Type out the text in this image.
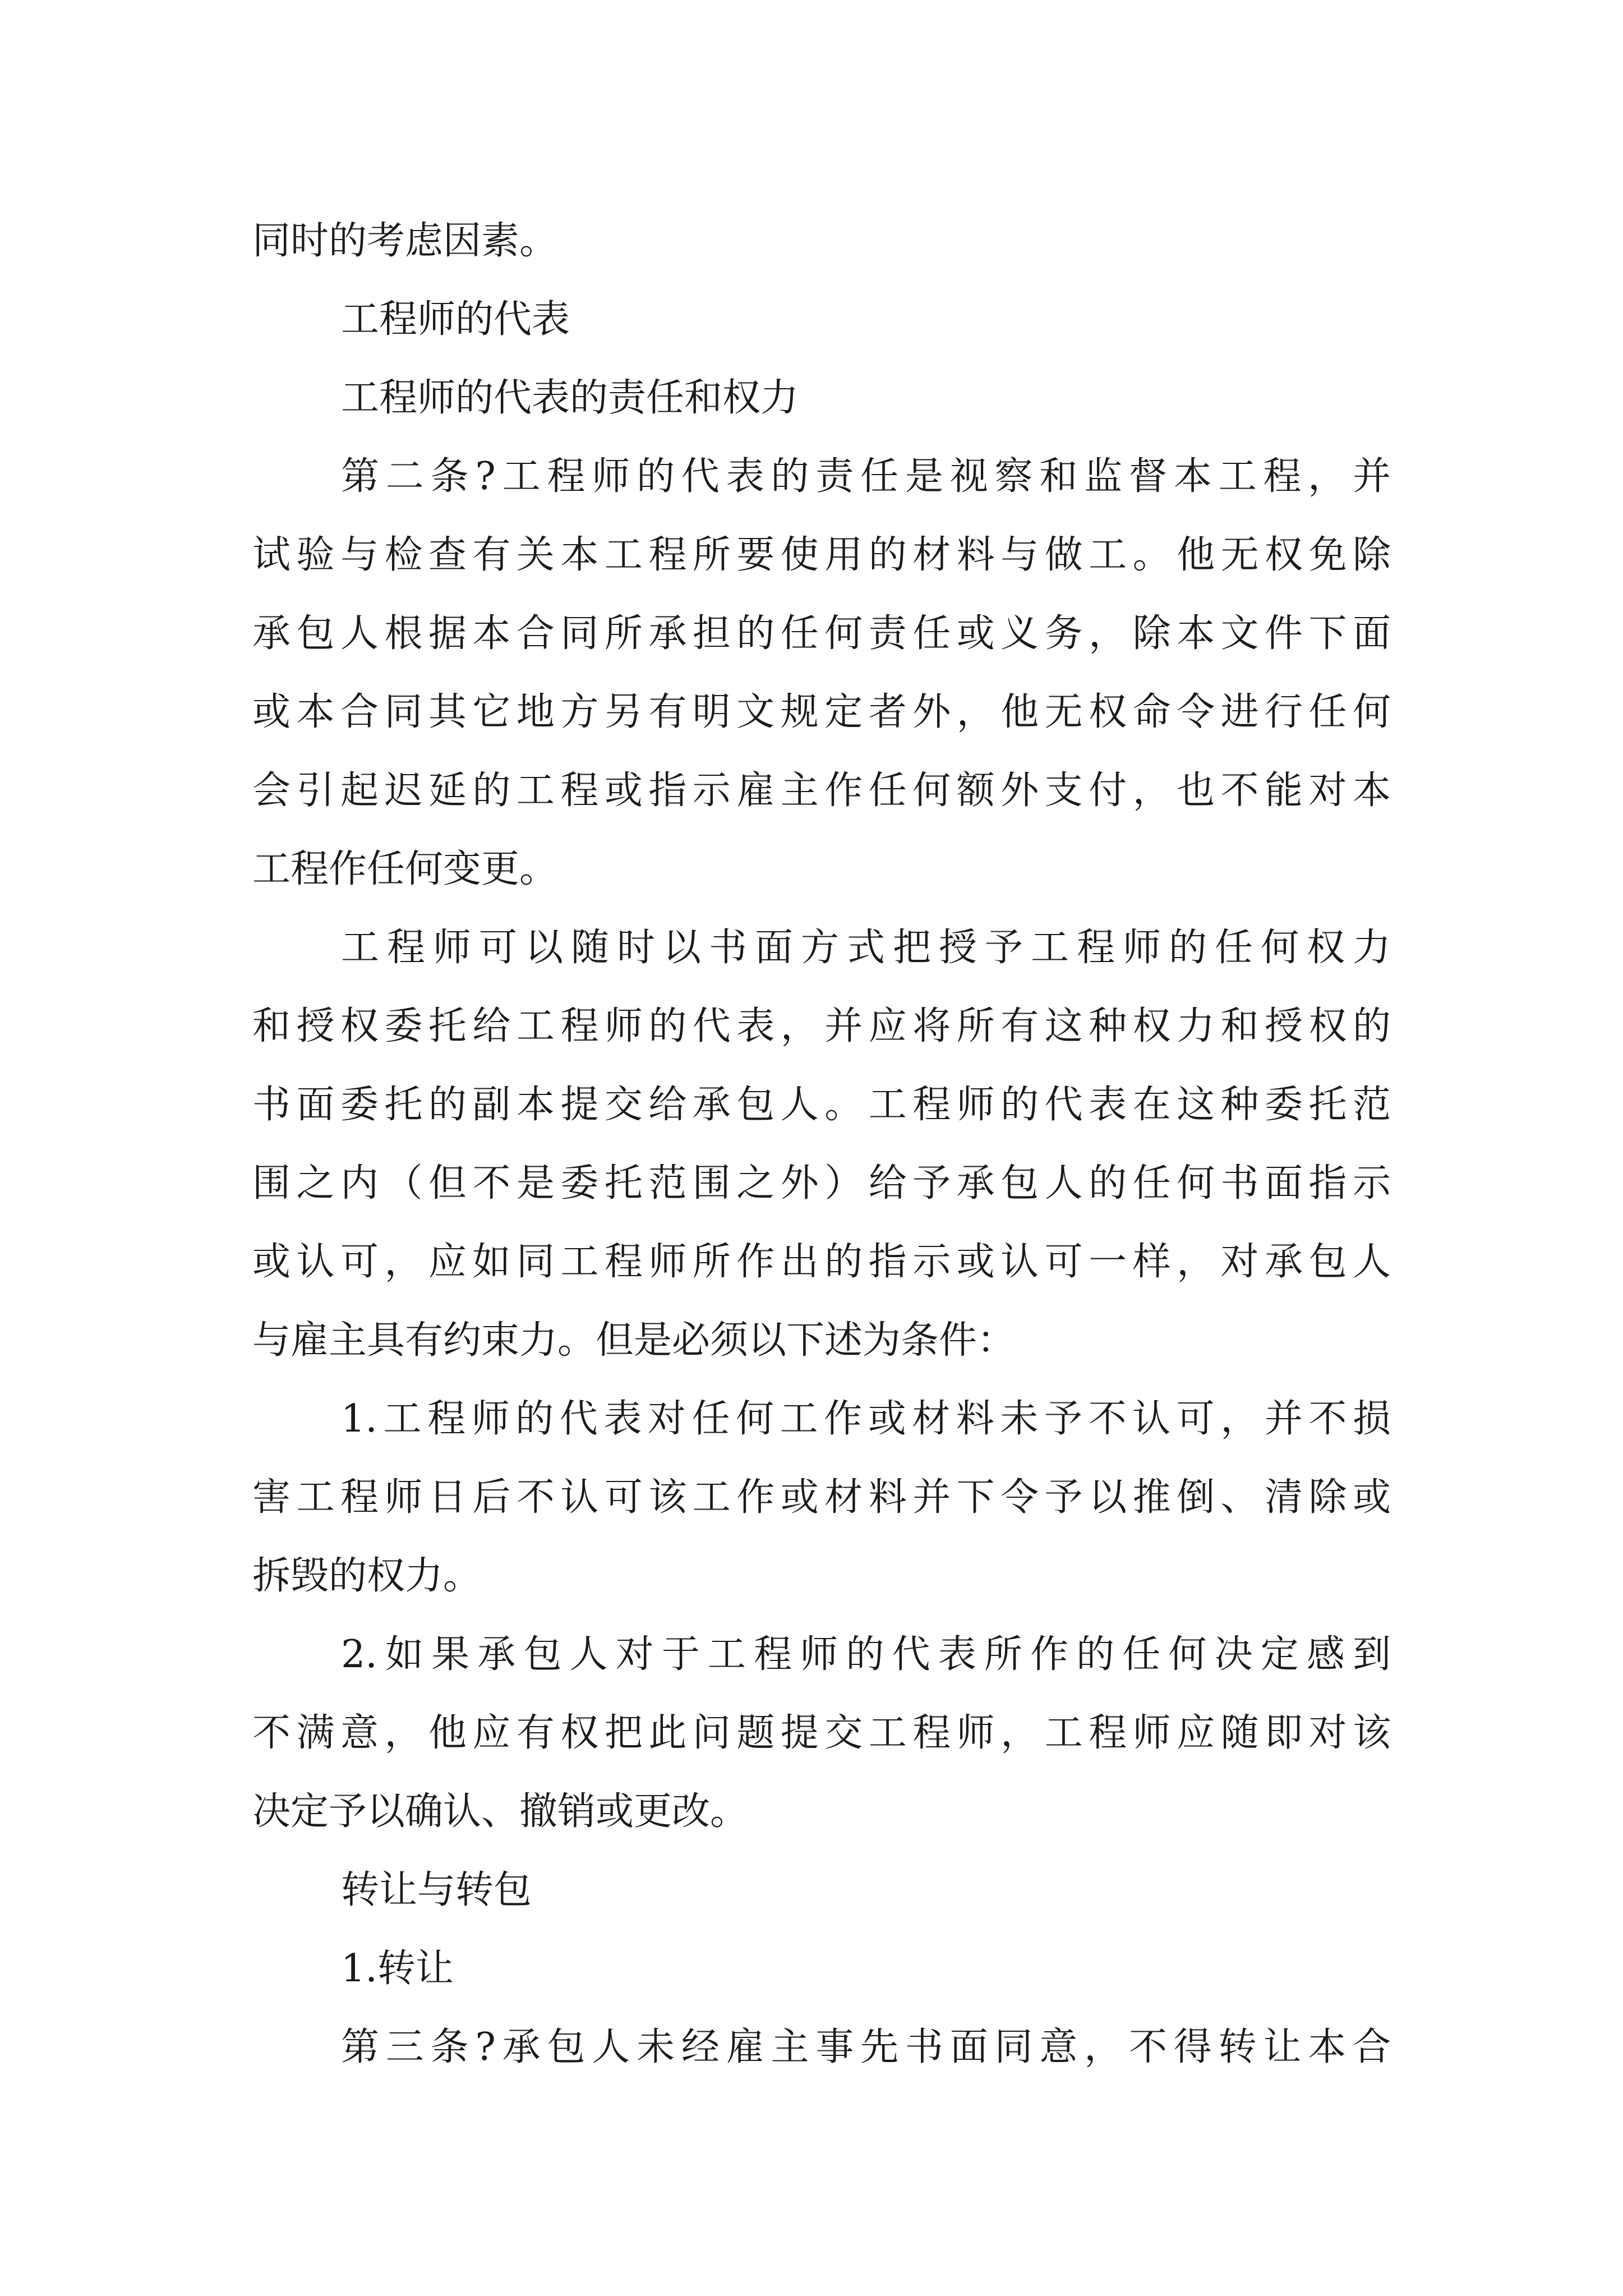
同时的考虑因素。
工程师的代表
工程师的代表的责任和权力
第二条?工程师的代表的责任是视察和监督本工程，并
试验与检查有关本工程所要使用的材料与做工。他无权免除
承包人根据本合同所承担的任何责任或义务，除本文件下面
或本合同其它地方另有明文规定者外，他无权命令进行任何
会引起迟延的工程或指示雇主作任何额外支付，也不能对本
工程作任何变更。
工程师可以随时以书面方式把授予工程师的任何权力
和授权委托给工程师的代表，并应将所有这种权力和授权的
书面委托的副本提交给承包人。工程师的代表在这种委托范
围之内（但不是委托范围之外）给予承包人的任何书面指示
或认可，应如同工程师所作出的指示或认可一样，对承包人
与雇主具有约束力。但是必须以下述为条件：
1.工程师的代表对任何工作或材料未予不认可，并不损
害工程师日后不认可该工作或材料并下令予以推倒、清除或
拆毁的权力。
2.如果承包人对于工程师的代表所作的任何决定感到
不满意，他应有权把此问题提交工程师，工程师应随即对该
决定予以确认、撤销或更改。
转让与转包
1.转让
第三条?承包人未经雇主事先书面同意，不得转让本合
